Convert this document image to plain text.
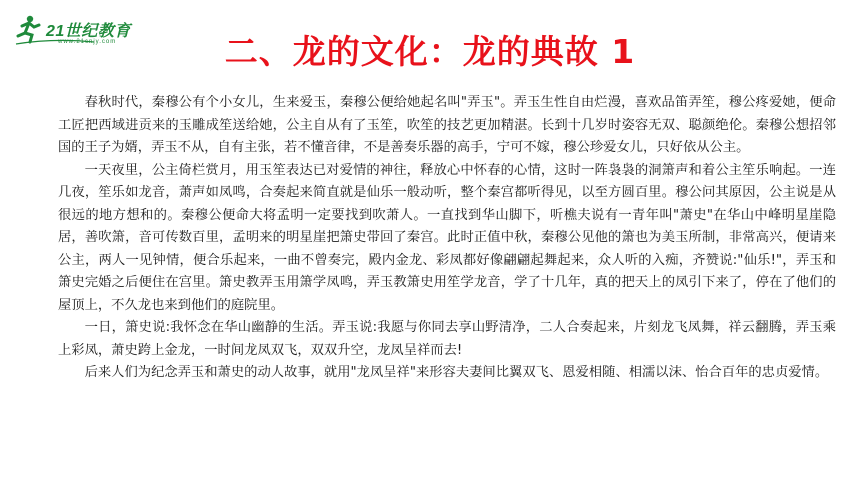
21世纪教育
www.21cnjy.com	二、龙的文化：龙的典故 1

春秋时代，秦穆公有个小女儿，生来爱玉，秦穆公便给她起名叫"弄玉"。弄玉生性自由烂漫，喜欢品笛弄笙，穆公疼爱她，便命工匠把西域进贡来的玉雕成笙送给她，公主自从有了玉笙，吹笙的技艺更加精湛。长到十几岁时姿容无双、聪颜绝伦。秦穆公想招邻国的王子为婿，弄玉不从，自有主张，若不懂音律，不是善奏乐器的高手，宁可不嫁，穆公珍爱女儿，只好依从公主。

一天夜里，公主倚栏赏月，用玉笙表达已对爱情的神往，释放心中怀春的心情，这时一阵袅袅的洞箫声和着公主笙乐响起。一连几夜，笙乐如龙音，萧声如凤鸣，合奏起来简直就是仙乐一般动听，整个秦宫都听得见，以至方圆百里。穆公问其原因，公主说是从很远的地方想和的。秦穆公便命大将孟明一定要找到吹萧人。一直找到华山脚下，听樵夫说有一青年叫"萧史"在华山中峰明星崖隐居，善吹箫，音可传数百里，孟明来的明星崖把箫史带回了秦宫。此时正值中秋，秦穆公见他的箫也为美玉所制，非常高兴，便请来公主，两人一见钟情，便合乐起来，一曲不曾奏完，殿内金龙、彩凤都好像翩翩起舞起来，众人听的入痴，齐赞说:"仙乐!"，弄玉和箫史完婚之后便住在宫里。箫史教弄玉用箫学凤鸣，弄玉教箫史用笙学龙音，学了十几年，真的把天上的凤引下来了，停在了他们的屋顶上，不久龙也来到他们的庭院里。

一日，箫史说:我怀念在华山幽静的生活。弄玉说:我愿与你同去享山野清净，二人合奏起来，片刻龙飞凤舞，祥云翻腾，弄玉乘上彩凤，萧史跨上金龙，一时间龙凤双飞，双双升空，龙凤呈祥而去!

后来人们为纪念弄玉和萧史的动人故事，就用"龙凤呈祥"来形容夫妻间比翼双飞、恩爱相随、相濡以沫、怡合百年的忠贞爱情。
